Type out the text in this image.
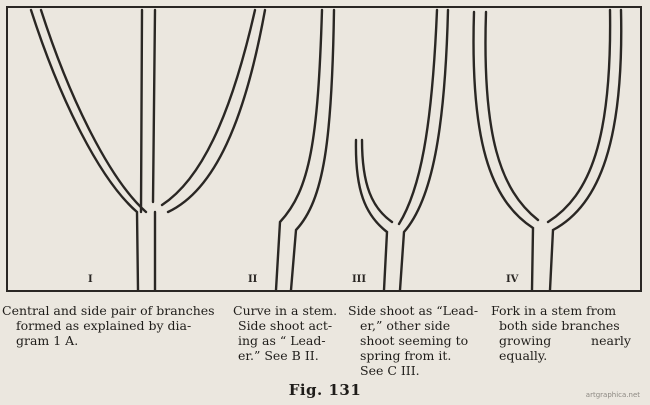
I	II	III	IV

Central and side pair of branches

formed as explained by dia-

gram 1 A.

Curve in a stem.

Side shoot act-

ing as “ Lead-

er.” See B II.

Side shoot as “Lead-

er,” other side

shoot seeming to

spring from it.

See C III.

Fork in a stem from

both side branches

growing nearly

equally.

Fig. 131	artgraphica.net
